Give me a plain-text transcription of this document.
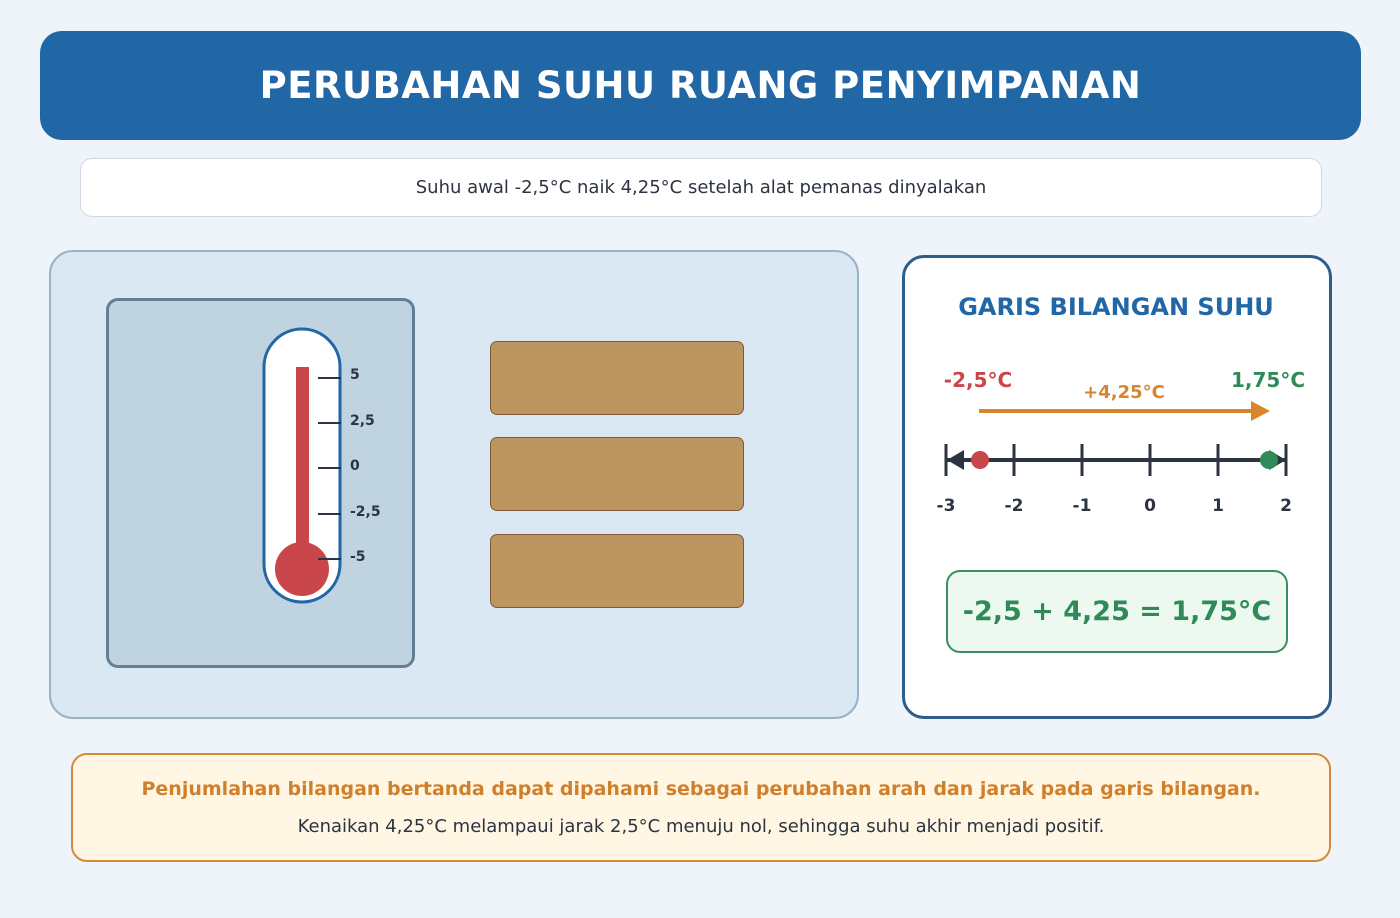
PERUBAHAN SUHU RUANG PENYIMPANAN
Suhu awal -2,5°C naik 4,25°C setelah alat pemanas dinyalakan
5
2,5
0
-2,5
-5
GARIS BILANGAN SUHU
-2,5°C
+4,25°C
1,75°C
-3	-2	-1	0	1	2
-2,5 + 4,25 = 1,75°C
Penjumlahan bilangan bertanda dapat dipahami sebagai perubahan arah dan jarak pada garis bilangan.
Kenaikan 4,25°C melampaui jarak 2,5°C menuju nol, sehingga suhu akhir menjadi positif.
